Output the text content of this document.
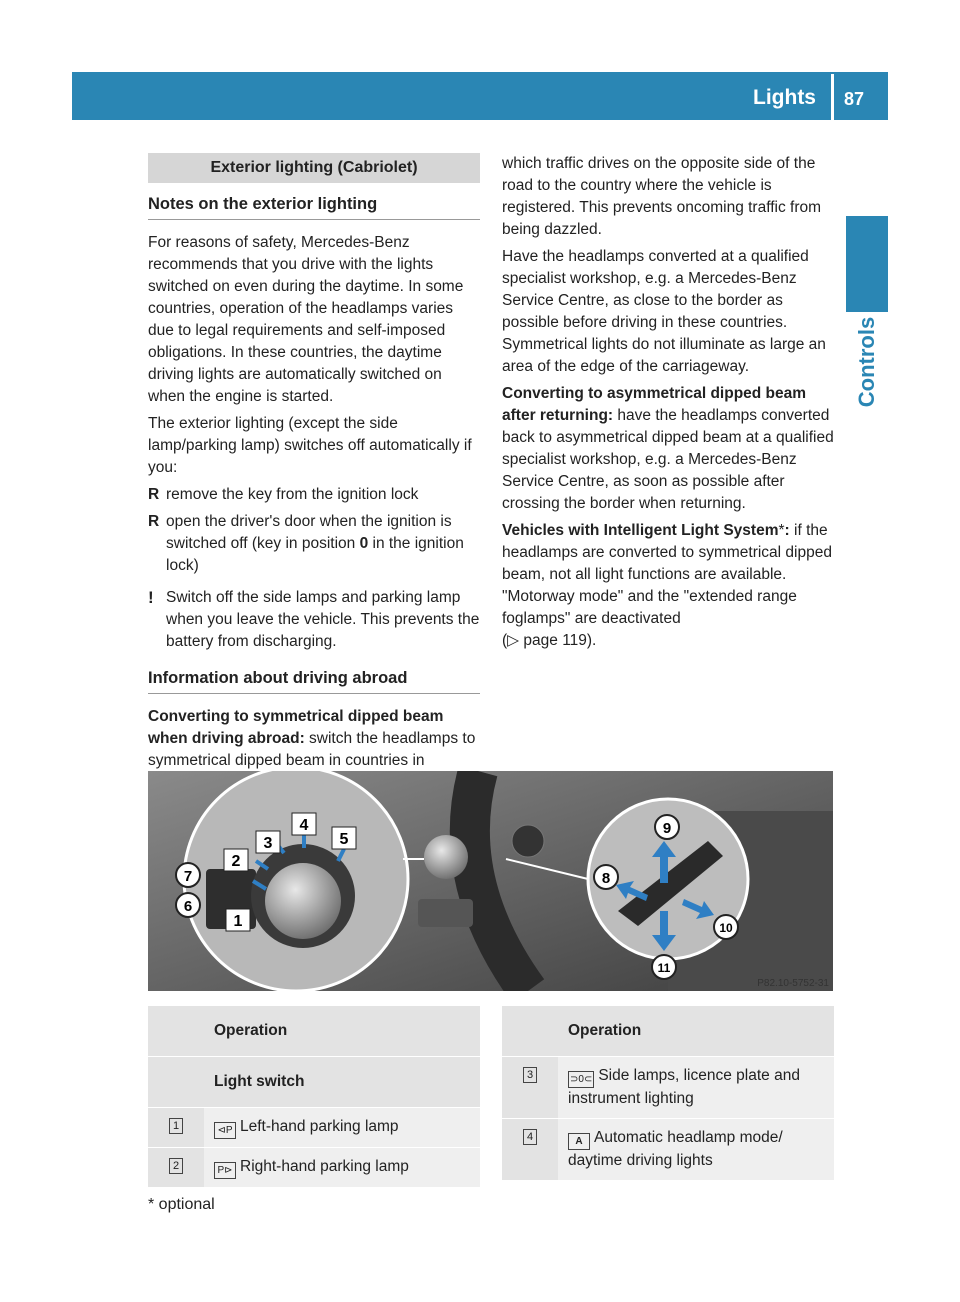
Lights 87
Controls
Exterior lighting (Cabriolet)
Notes on the exterior lighting

For reasons of safety, Mercedes-Benz recommends that you drive with the lights switched on even during the daytime. In some countries, operation of the headlamps varies due to legal requirements and self-imposed obligations. In these countries, the daytime driving lights are automatically switched on when the engine is started.

The exterior lighting (except the side lamp/parking lamp) switches off automatically if you:

R remove the key from the ignition lock
R open the driver's door when the ignition is switched off (key in position 0 in the ignition lock)
! Switch off the side lamps and parking lamp when you leave the vehicle. This prevents the battery from discharging.
Information about driving abroad

Converting to symmetrical dipped beam when driving abroad: switch the headlamps to symmetrical dipped beam in countries in

which traffic drives on the opposite side of the road to the country where the vehicle is registered. This prevents oncoming traffic from being dazzled.

Have the headlamps converted at a qualified specialist workshop, e.g. a Mercedes-Benz Service Centre, as close to the border as possible before driving in these countries. Symmetrical lights do not illuminate as large an area of the edge of the carriageway.

Converting to asymmetrical dipped beam after returning: have the headlamps converted back to asymmetrical dipped beam at a qualified specialist workshop, e.g. a Mercedes-Benz Service Centre, as soon as possible after crossing the border when returning.

Vehicles with Intelligent Light System*: if the headlamps are converted to symmetrical dipped beam, not all light functions are available. "Motorway mode" and the "extended range foglamps" are deactivated
(▷ page 119).

1
2
3
4
5
6
7	8
9
10
11
P82.10-5752-31
	Operation
	Light switch
1	⊲P Left-hand parking lamp
2	P⊳ Right-hand parking lamp
	Operation
3	⊃0⊂ Side lamps, licence plate and instrument lighting
4	A Automatic headlamp mode/ daytime driving lights
* optional
